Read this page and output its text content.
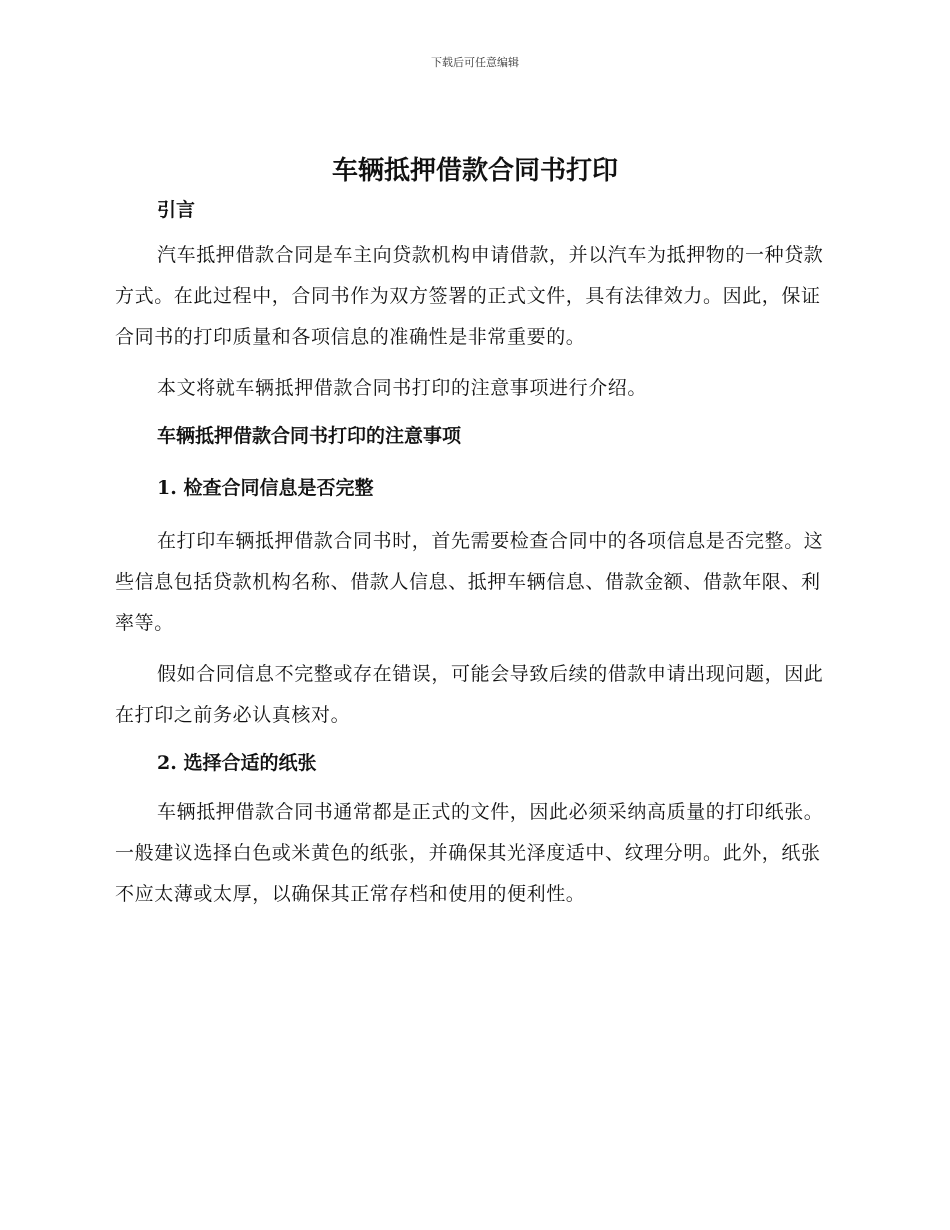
下载后可任意编辑
车辆抵押借款合同书打印

引言

汽车抵押借款合同是车主向贷款机构申请借款，并以汽车为抵押物的一种贷款方式。在此过程中，合同书作为双方签署的正式文件，具有法律效力。因此，保证合同书的打印质量和各项信息的准确性是非常重要的。

本文将就车辆抵押借款合同书打印的注意事项进行介绍。

车辆抵押借款合同书打印的注意事项

1. 检查合同信息是否完整

在打印车辆抵押借款合同书时，首先需要检查合同中的各项信息是否完整。这些信息包括贷款机构名称、借款人信息、抵押车辆信息、借款金额、借款年限、利率等。

假如合同信息不完整或存在错误，可能会导致后续的借款申请出现问题，因此在打印之前务必认真核对。

2. 选择合适的纸张

车辆抵押借款合同书通常都是正式的文件，因此必须采纳高质量的打印纸张。一般建议选择白色或米黄色的纸张，并确保其光泽度适中、纹理分明。此外，纸张不应太薄或太厚，以确保其正常存档和使用的便利性。
